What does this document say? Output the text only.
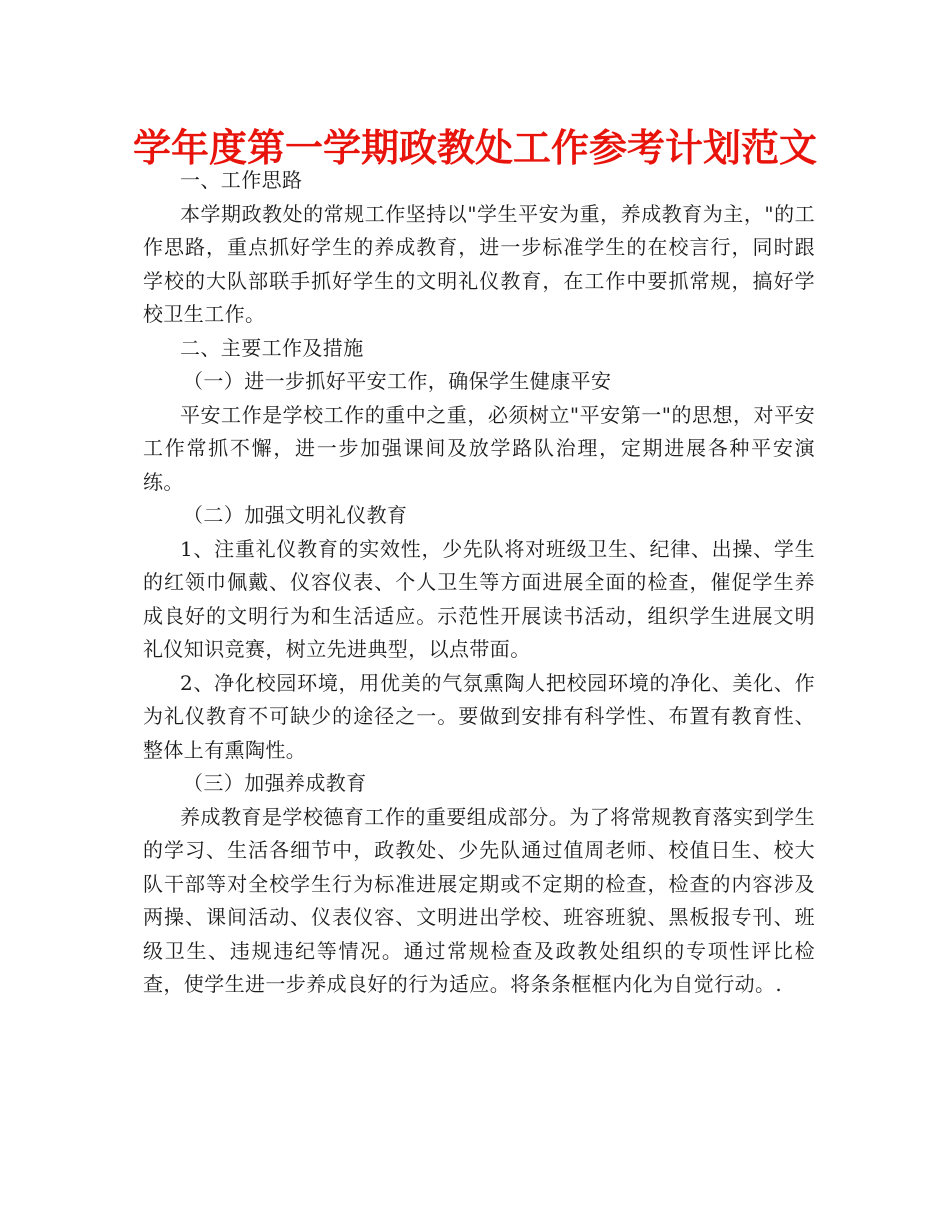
学年度第一学期政教处工作参考计划范文

一、工作思路

本学期政教处的常规工作坚持以"学生平安为重，养成教育为主，"的工作思路，重点抓好学生的养成教育，进一步标准学生的在校言行，同时跟学校的大队部联手抓好学生的文明礼仪教育，在工作中要抓常规，搞好学校卫生工作。

二、主要工作及措施

（一）进一步抓好平安工作，确保学生健康平安

平安工作是学校工作的重中之重，必须树立"平安第一"的思想，对平安工作常抓不懈，进一步加强课间及放学路队治理，定期进展各种平安演练。

（二）加强文明礼仪教育

1、注重礼仪教育的实效性，少先队将对班级卫生、纪律、出操、学生的红领巾佩戴、仪容仪表、个人卫生等方面进展全面的检查，催促学生养成良好的文明行为和生活适应。示范性开展读书活动，组织学生进展文明礼仪知识竞赛，树立先进典型，以点带面。

2、净化校园环境，用优美的气氛熏陶人把校园环境的净化、美化、作为礼仪教育不可缺少的途径之一。要做到安排有科学性、布置有教育性、整体上有熏陶性。

（三）加强养成教育

养成教育是学校德育工作的重要组成部分。为了将常规教育落实到学生的学习、生活各细节中，政教处、少先队通过值周老师、校值日生、校大队干部等对全校学生行为标准进展定期或不定期的检查，检查的内容涉及两操、课间活动、仪表仪容、文明进出学校、班容班貌、黑板报专刊、班级卫生、违规违纪等情况。通过常规检查及政教处组织的专项性评比检查，使学生进一步养成良好的行为适应。将条条框框内化为自觉行动。.
